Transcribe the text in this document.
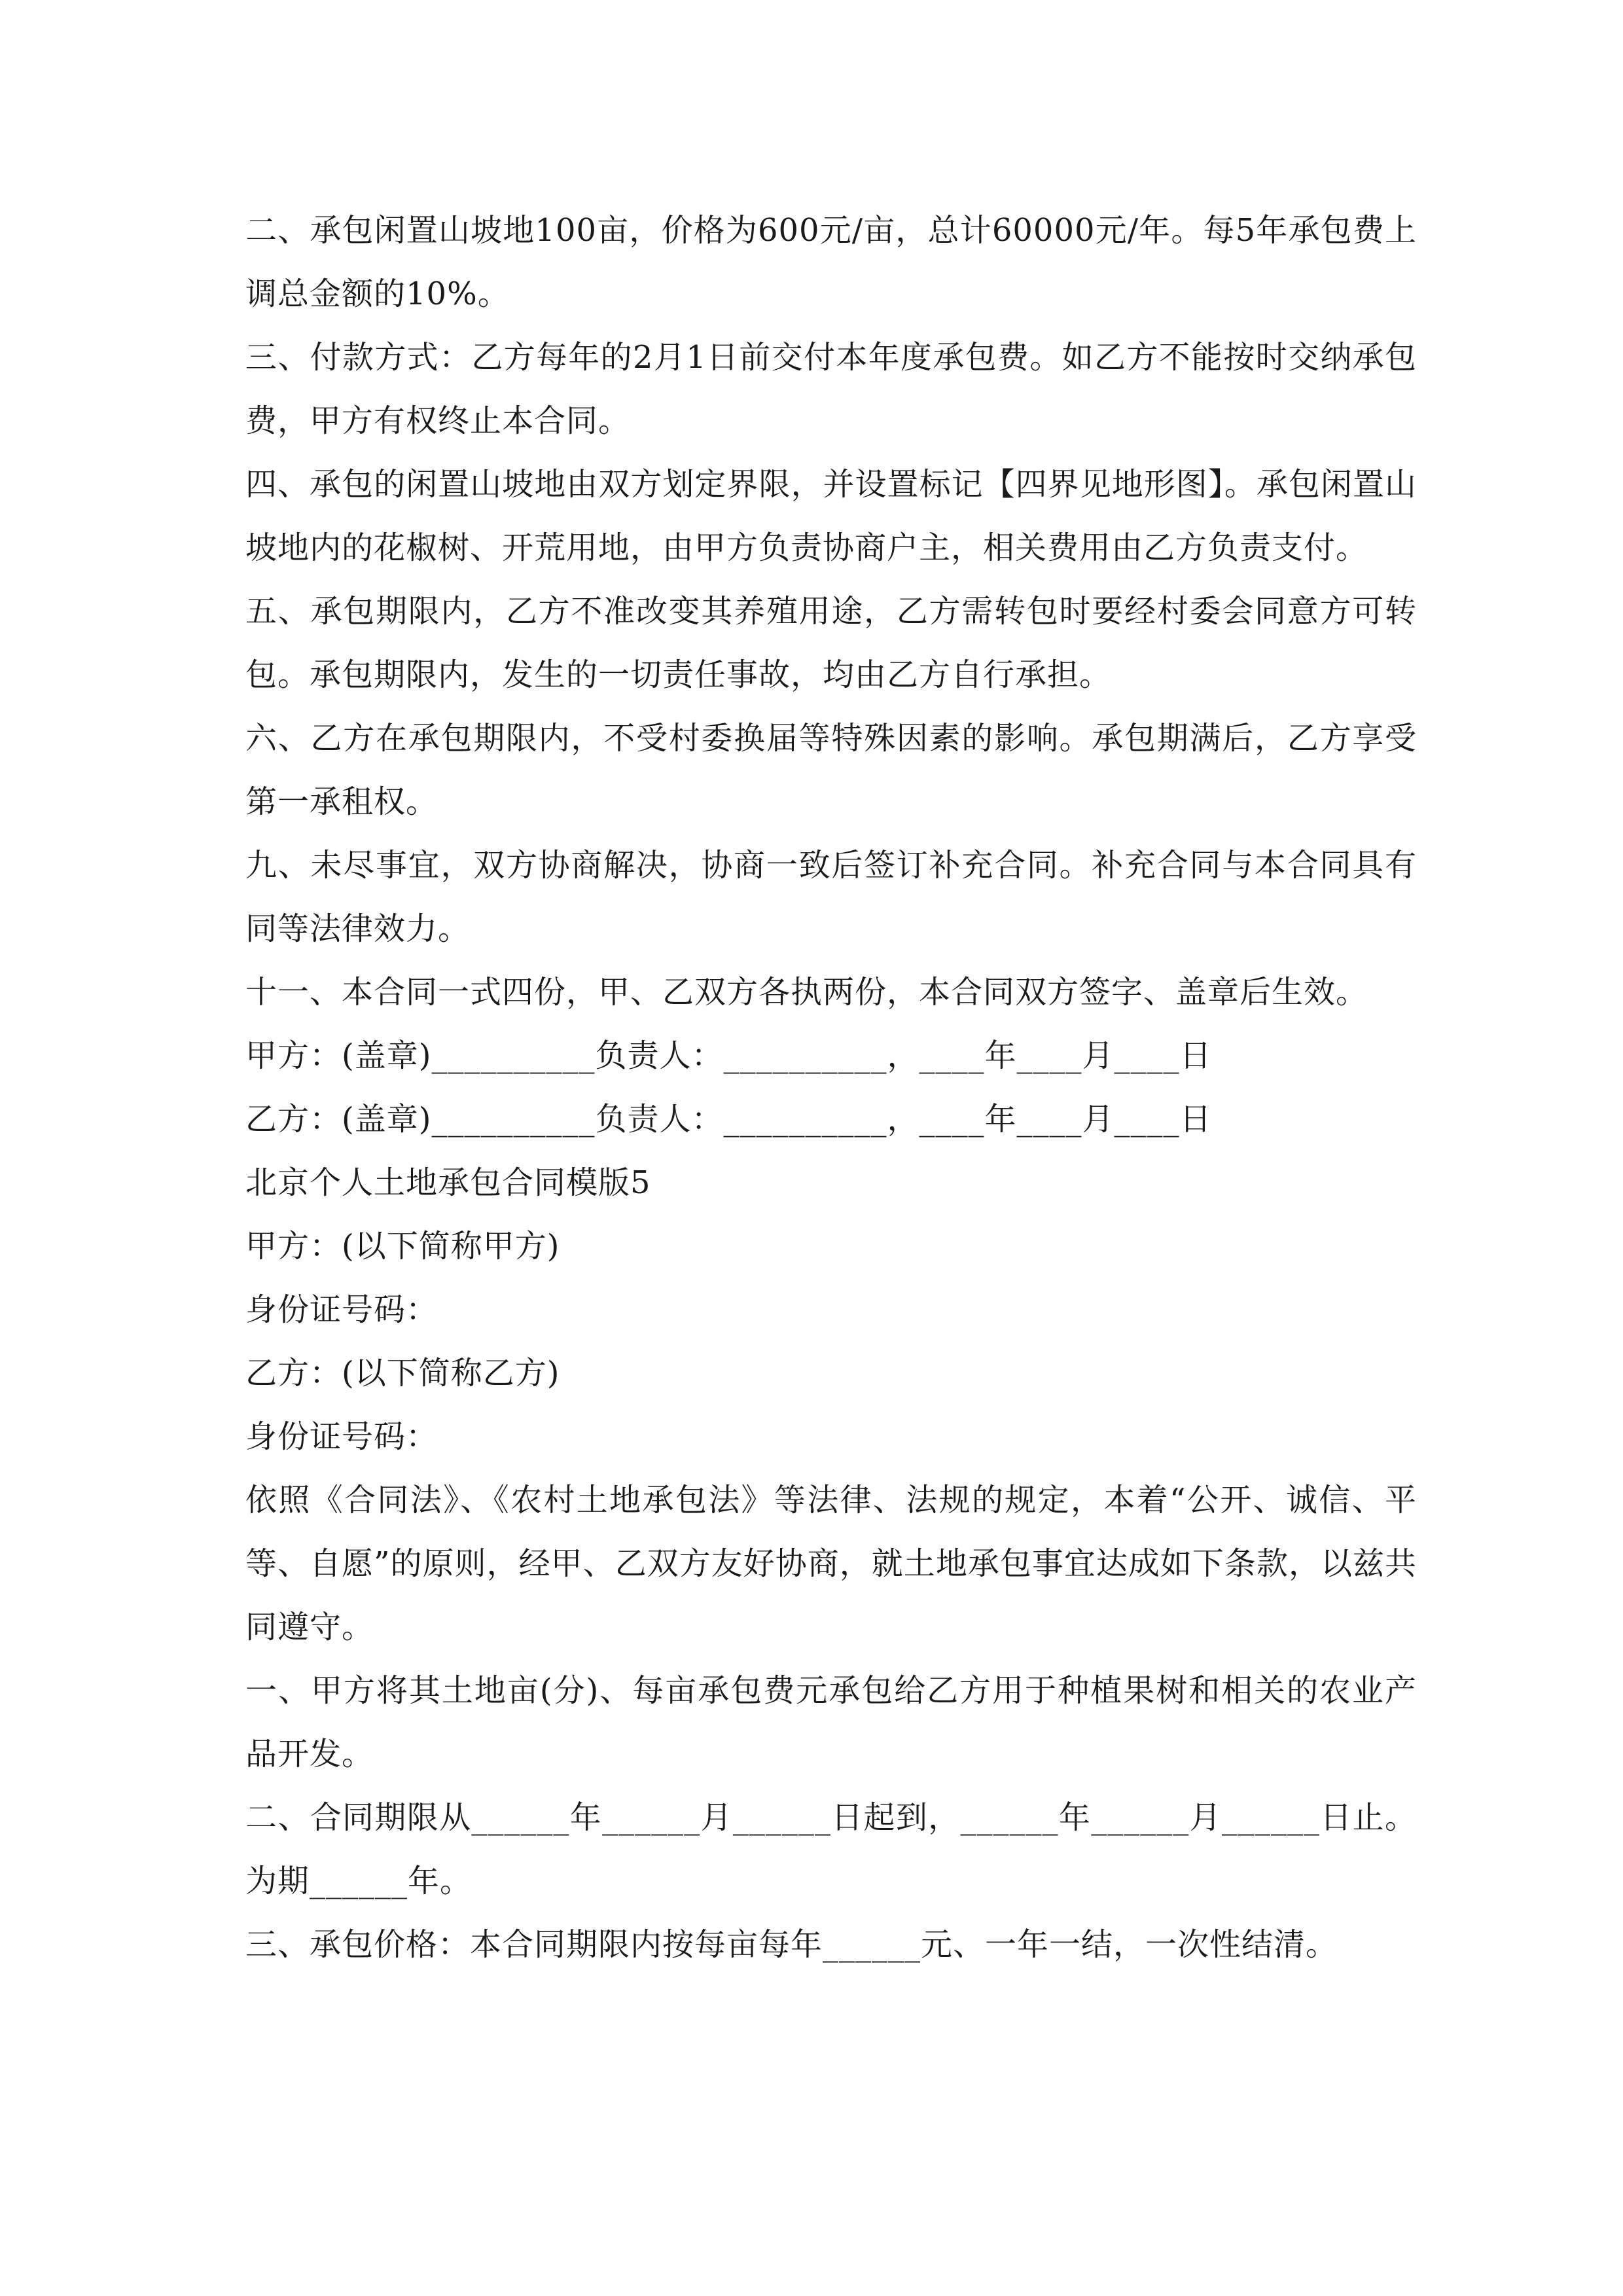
二、承包闲置山坡地100亩，价格为600元/亩，总计60000元/年。每5年承包费上调总金额的10%。

三、付款方式：乙方每年的2月1日前交付本年度承包费。如乙方不能按时交纳承包费，甲方有权终止本合同。

四、承包的闲置山坡地由双方划定界限，并设置标记【四界见地形图】。承包闲置山坡地内的花椒树、开荒用地，由甲方负责协商户主，相关费用由乙方负责支付。

五、承包期限内，乙方不准改变其养殖用途，乙方需转包时要经村委会同意方可转包。承包期限内，发生的一切责任事故，均由乙方自行承担。

六、乙方在承包期限内，不受村委换届等特殊因素的影响。承包期满后，乙方享受第一承租权。

九、未尽事宜，双方协商解决，协商一致后签订补充合同。补充合同与本合同具有同等法律效力。

十一、本合同一式四份，甲、乙双方各执两份，本合同双方签字、盖章后生效。

甲方：(盖章)__________负责人：__________，____年____月____日

乙方：(盖章)__________负责人：__________，____年____月____日

北京个人土地承包合同模版5

甲方：(以下简称甲方)

身份证号码：

乙方：(以下简称乙方)

身份证号码：

依照《合同法》、《农村土地承包法》等法律、法规的规定，本着“公开、诚信、平等、自愿”的原则，经甲、乙双方友好协商，就土地承包事宜达成如下条款，以兹共同遵守。

一、甲方将其土地亩(分)、每亩承包费元承包给乙方用于种植果树和相关的农业产品开发。

二、合同期限从______年______月______日起到，______年______月______日止。为期______年。

三、承包价格：本合同期限内按每亩每年______元、一年一结，一次性结清。
